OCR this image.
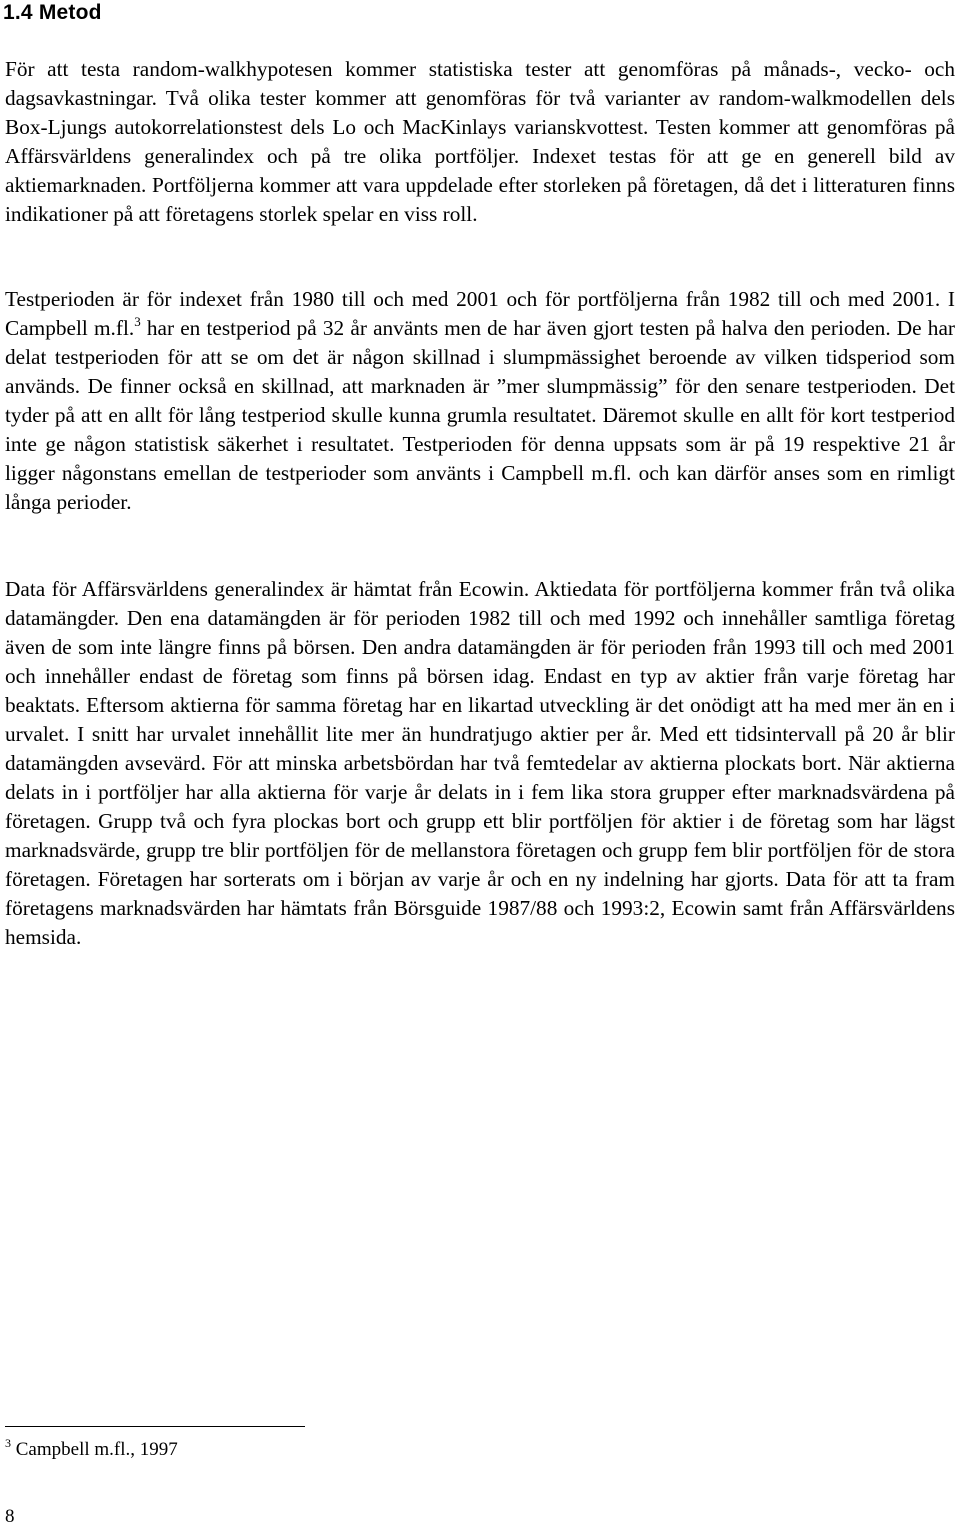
1.4 Metod

För att testa random-walkhypotesen kommer statistiska tester att genomföras på månads-, vecko- och dagsavkastningar. Två olika tester kommer att genomföras för två varianter av random-walkmodellen dels Box-Ljungs autokorrelationstest dels Lo och MacKinlays varianskvottest. Testen kommer att genomföras på Affärsvärldens generalindex och på tre olika portföljer. Indexet testas för att ge en generell bild av aktiemarknaden. Portföljerna kommer att vara uppdelade efter storleken på företagen, då det i litteraturen finns indikationer på att företagens storlek spelar en viss roll.

Testperioden är för indexet från 1980 till och med 2001 och för portföljerna från 1982 till och med 2001. I Campbell m.fl.$^3$ har en testperiod på 32 år använts men de har även gjort testen på halva den perioden. De har delat testperioden för att se om det är någon skillnad i slumpmässighet beroende av vilken tidsperiod som används. De finner också en skillnad, att marknaden är ”mer slumpmässig” för den senare testperioden. Det tyder på att en allt för lång testperiod skulle kunna grumla resultatet. Däremot skulle en allt för kort testperiod inte ge någon statistisk säkerhet i resultatet. Testperioden för denna uppsats som är på 19 respektive 21 år ligger någonstans emellan de testperioder som använts i Campbell m.fl. och kan därför anses som en rimligt långa perioder.

Data för Affärsvärldens generalindex är hämtat från Ecowin. Aktiedata för portföljerna kommer från två olika datamängder. Den ena datamängden är för perioden 1982 till och med 1992 och innehåller samtliga företag även de som inte längre finns på börsen. Den andra datamängden är för perioden från 1993 till och med 2001 och innehåller endast de företag som finns på börsen idag. Endast en typ av aktier från varje företag har beaktats. Eftersom aktierna för samma företag har en likartad utveckling är det onödigt att ha med mer än en i urvalet. I snitt har urvalet innehållit lite mer än hundratjugo aktier per år. Med ett tidsintervall på 20 år blir datamängden avsevärd. För att minska arbetsbördan har två femtedelar av aktierna plockats bort. När aktierna delats in i portföljer har alla aktierna för varje år delats in i fem lika stora grupper efter marknadsvärdena på företagen. Grupp två och fyra plockas bort och grupp ett blir portföljen för aktier i de företag som har lägst marknadsvärde, grupp tre blir portföljen för de mellanstora företagen och grupp fem blir portföljen för de stora företagen. Företagen har sorterats om i början av varje år och en ny indelning har gjorts. Data för att ta fram företagens marknadsvärden har hämtats från Börsguide 1987/88 och 1993:2, Ecowin samt från Affärsvärldens hemsida.

$^3$ Campbell m.fl., 1997

8
